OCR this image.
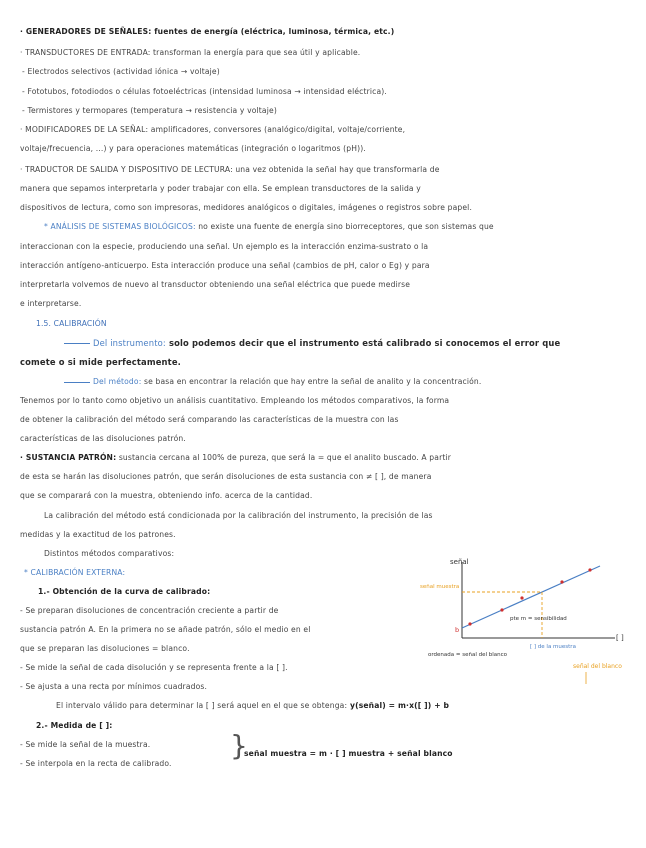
· GENERADORES DE SEÑALES: fuentes de energía (eléctrica, luminosa, térmica, etc.)
· TRANSDUCTORES DE ENTRADA: transforman la energía para que sea útil y aplicable.
- Electrodos selectivos (actividad iónica → voltaje)
- Fototubos, fotodiodos o células fotoeléctricas (intensidad luminosa → intensidad eléctrica).
- Termistores y termopares (temperatura → resistencia y voltaje)
· MODIFICADORES DE LA SEÑAL: amplificadores, conversores (analógico/digital, voltaje/corriente,
voltaje/frecuencia, ...) y para operaciones matemáticas (integración o logaritmos (pH)).
· TRADUCTOR DE SALIDA Y DISPOSITIVO DE LECTURA: una vez obtenida la señal hay que transformarla de
manera que sepamos interpretarla y poder trabajar con ella. Se emplean transductores de la salida y
dispositivos de lectura, como son impresoras, medidores analógicos o digitales, imágenes o registros sobre papel.
* ANÁLISIS DE SISTEMAS BIOLÓGICOS: no existe una fuente de energía sino biorreceptores, que son sistemas que
interaccionan con la especie, produciendo una señal. Un ejemplo es la interacción enzima-sustrato o la
interacción antígeno-anticuerpo. Esta interacción produce una señal (cambios de pH, calor o Eg) y para
interpretarla volvemos de nuevo al transductor obteniendo una señal eléctrica que puede medirse
e interpretarse.
1.5. CALIBRACIÓN
Del instrumento: solo podemos decir que el instrumento está calibrado si conocemos el error que
comete o si mide perfectamente.
Del método: se basa en encontrar la relación que hay entre la señal de analito y la concentración.
Tenemos por lo tanto como objetivo un análisis cuantitativo. Empleando los métodos comparativos, la forma
de obtener la calibración del método será comparando las características de la muestra con las
características de las disoluciones patrón.
· SUSTANCIA PATRÓN: sustancia cercana al 100% de pureza, que será la = que el analito buscado. A partir
de esta se harán las disoluciones patrón, que serán disoluciones de esta sustancia con ≠ [ ], de manera
que se comparará con la muestra, obteniendo info. acerca de la cantidad.
La calibración del método está condicionada por la calibración del instrumento, la precisión de las
medidas y la exactitud de los patrones.
Distintos métodos comparativos:
* CALIBRACIÓN EXTERNA:
1.- Obtención de la curva de calibrado:
- Se preparan disoluciones de concentración creciente a partir de
sustancia patrón A. En la primera no se añade patrón, sólo el medio en el
que se preparan las disoluciones = blanco.
- Se mide la señal de cada disolución y se representa frente a la [ ].
- Se ajusta a una recta por mínimos cuadrados.
El intervalo válido para determinar la [ ] será aquel en el que se obtenga: y(señal) = m·x([ ]) + b
2.- Medida de [ ]:
- Se mide la señal de la muestra.
- Se interpola en la recta de calibrado.
}
señal muestra = m · [ ] muestra + señal blanco
señal
[ ]
señal muestra
pte m = sensibilidad
[ ] de la muestra
b
ordenada = señal del blanco
señal del blanco
